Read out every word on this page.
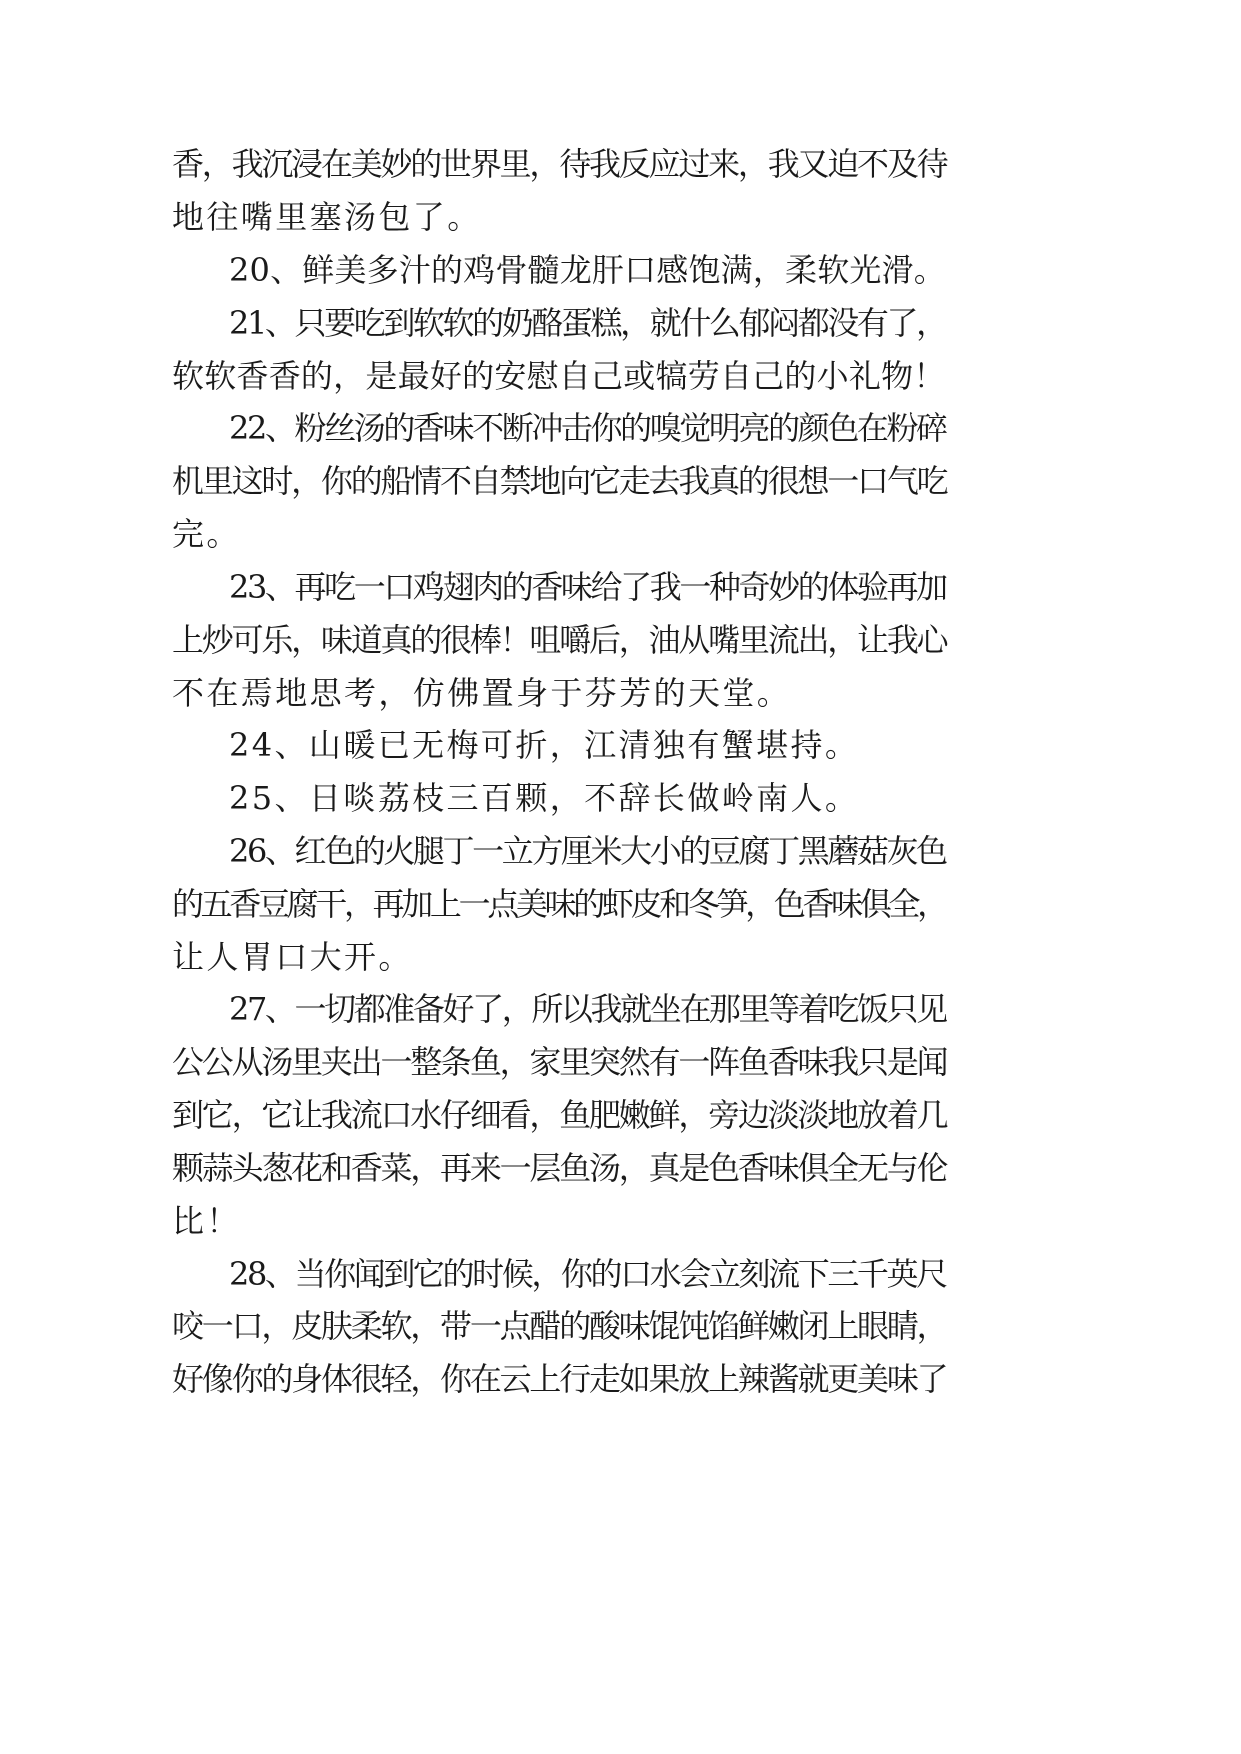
香，我沉浸在美妙的世界里，待我反应过来，我又迫不及待
地往嘴里塞汤包了。
20、鲜美多汁的鸡骨髓龙肝口感饱满，柔软光滑。
21、只要吃到软软的奶酪蛋糕，就什么郁闷都没有了，
软软香香的，是最好的安慰自己或犒劳自己的小礼物！
22、粉丝汤的香味不断冲击你的嗅觉明亮的颜色在粉碎
机里这时，你的船情不自禁地向它走去我真的很想一口气吃
完。
23、再吃一口鸡翅肉的香味给了我一种奇妙的体验再加
上炒可乐，味道真的很棒！咀嚼后，油从嘴里流出，让我心
不在焉地思考，仿佛置身于芬芳的天堂。
24、山暖已无梅可折，江清独有蟹堪持。
25、日啖荔枝三百颗，不辞长做岭南人。
26、红色的火腿丁一立方厘米大小的豆腐丁黑蘑菇灰色
的五香豆腐干，再加上一点美味的虾皮和冬笋，色香味俱全，
让人胃口大开。
27、一切都准备好了，所以我就坐在那里等着吃饭只见
公公从汤里夹出一整条鱼，家里突然有一阵鱼香味我只是闻
到它，它让我流口水仔细看，鱼肥嫩鲜，旁边淡淡地放着几
颗蒜头葱花和香菜，再来一层鱼汤，真是色香味俱全无与伦
比！
28、当你闻到它的时候，你的口水会立刻流下三千英尺
咬一口，皮肤柔软，带一点醋的酸味馄饨馅鲜嫩闭上眼睛，
好像你的身体很轻，你在云上行走如果放上辣酱就更美味了
